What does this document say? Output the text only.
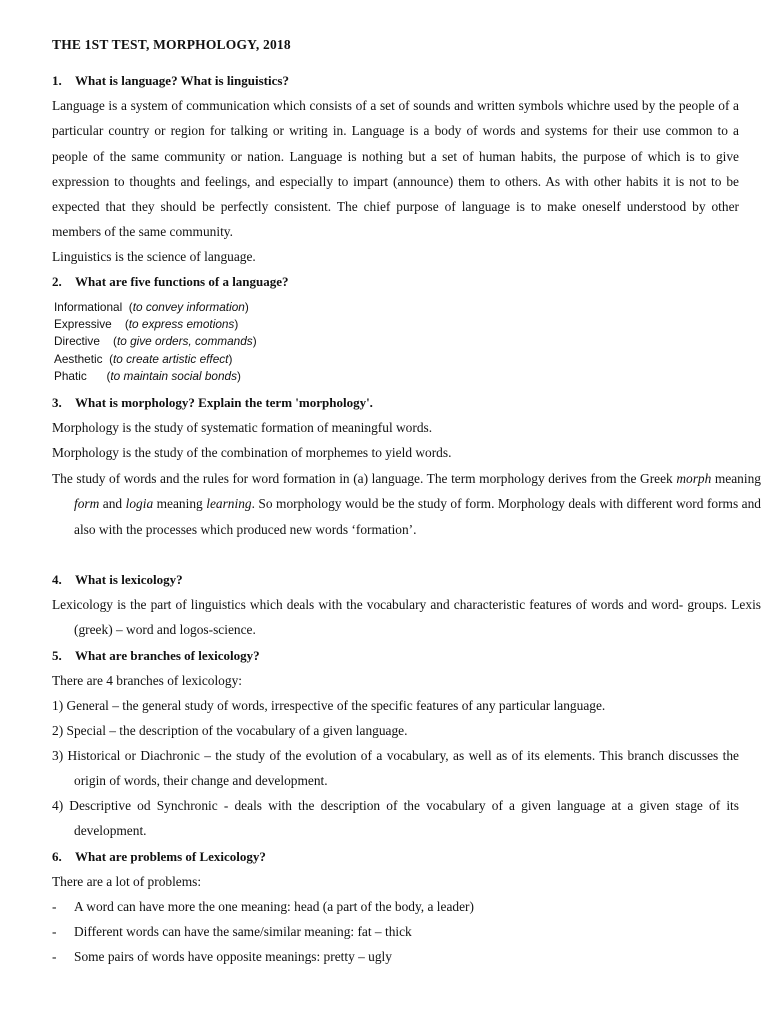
THE 1ST TEST, MORPHOLOGY, 2018
1. What is language? What is linguistics?
Language is a system of communication which consists of a set of sounds and written symbols whichre used by the people of a particular country or region for talking or writing in. Language is a body of words and systems for their use common to a people of the same community or nation. Language is nothing but a set of human habits, the purpose of which is to give expression to thoughts and feelings, and especially to impart (announce) them to others. As with other habits it is not to be expected that they should be perfectly consistent. The chief purpose of language is to make oneself understood by other members of the same community.
Linguistics is the science of language.
2. What are five functions of a language?
Informational (to convey information)
Expressive (to express emotions)
Directive (to give orders, commands)
Aesthetic (to create artistic effect)
Phatic (to maintain social bonds)
3. What is morphology? Explain the term 'morphology'.
Morphology is the study of systematic formation of meaningful words.
Morphology is the study of the combination of morphemes to yield words.
The study of words and the rules for word formation in (a) language. The term morphology derives from the Greek morph meaning form and logia meaning learning. So morphology would be the study of form. Morphology deals with different word forms and also with the processes which produced new words ‘formation’.
4. What is lexicology?
Lexicology is the part of linguistics which deals with the vocabulary and characteristic features of words and word- groups. Lexis (greek) – word and logos-science.
5. What are branches of lexicology?
There are 4 branches of lexicology:
1) General – the general study of words, irrespective of the specific features of any particular language.
2) Special – the description of the vocabulary of a given language.
3) Historical or Diachronic – the study of the evolution of a vocabulary, as well as of its elements. This branch discusses the origin of words, their change and development.
4) Descriptive od Synchronic - deals with the description of the vocabulary of a given language at a given stage of its development.
6. What are problems of Lexicology?
There are a lot of problems:
- A word can have more the one meaning: head (a part of the body, a leader)
- Different words can have the same/similar meaning: fat – thick
- Some pairs of words have opposite meanings: pretty – ugly
